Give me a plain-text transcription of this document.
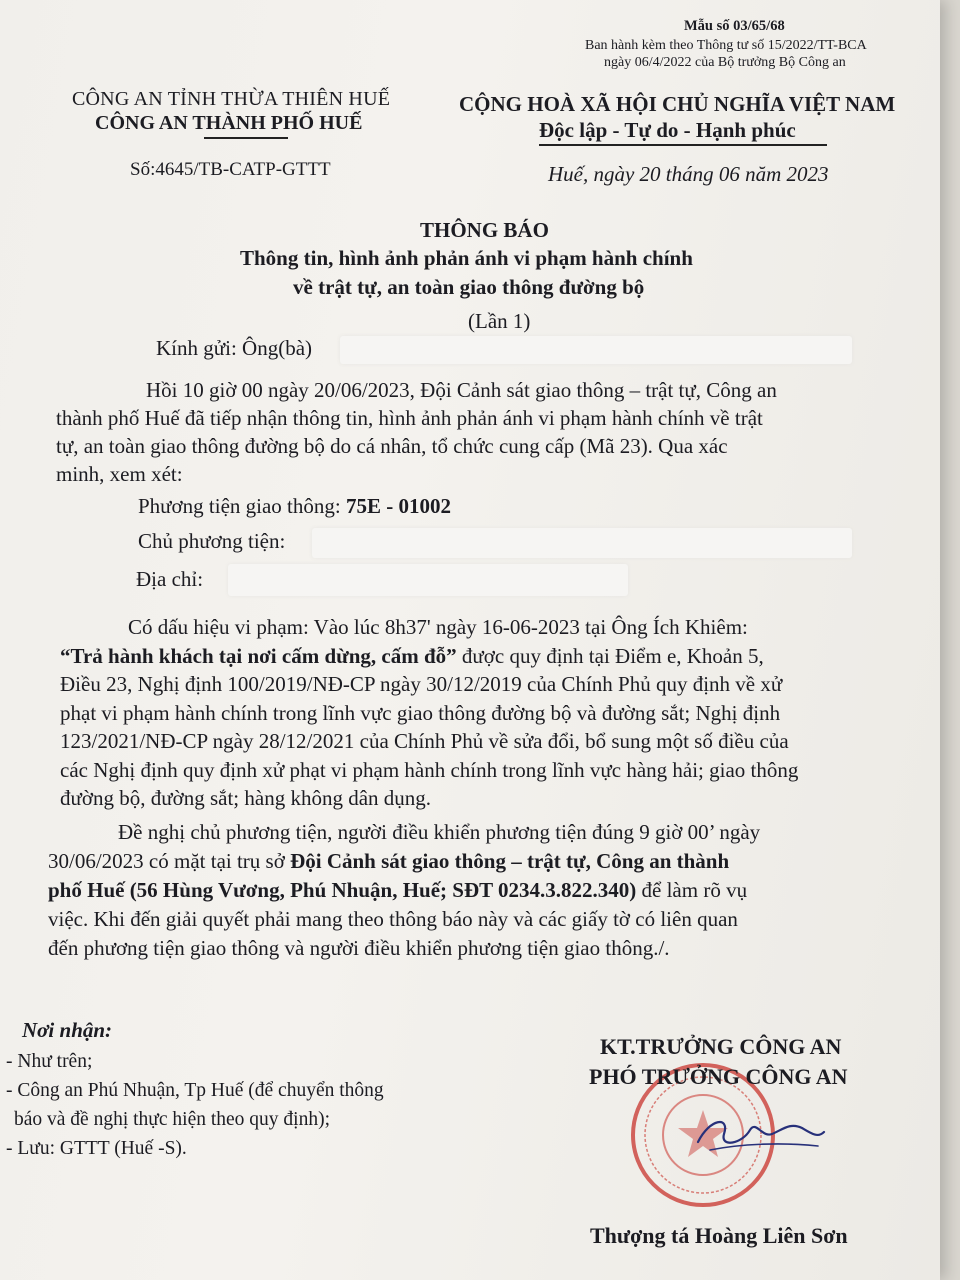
Mẫu số 03/65/68
Ban hành kèm theo Thông tư số 15/2022/TT-BCA
ngày 06/4/2022 của Bộ trưởng Bộ Công an
CÔNG AN TỈNH THỪA THIÊN HUẾ
CÔNG AN THÀNH PHỐ HUẾ
Số:4645/TB-CATP-GTTT
CỘNG HOÀ XÃ HỘI CHỦ NGHĨA VIỆT NAM
Độc lập - Tự do - Hạnh phúc
Huế, ngày 20 tháng 06 năm 2023
THÔNG BÁO
Thông tin, hình ảnh phản ánh vi phạm hành chính
về trật tự, an toàn giao thông đường bộ
(Lần 1)
Kính gửi: Ông(bà)
Hồi 10 giờ 00 ngày 20/06/2023, Đội Cảnh sát giao thông – trật tự, Công an
thành phố Huế đã tiếp nhận thông tin, hình ảnh phản ánh vi phạm hành chính về trật
tự, an toàn giao thông đường bộ do cá nhân, tổ chức cung cấp (Mã 23). Qua xác
minh, xem xét:
Phương tiện giao thông: 75E - 01002
Chủ phương tiện:
Địa chỉ:
Có dấu hiệu vi phạm: Vào lúc 8h37' ngày 16-06-2023 tại Ông Ích Khiêm:
“Trả hành khách tại nơi cấm dừng, cấm đỗ” được quy định tại Điểm e, Khoản 5,
Điều 23, Nghị định 100/2019/NĐ-CP ngày 30/12/2019 của Chính Phủ quy định về xử
phạt vi phạm hành chính trong lĩnh vực giao thông đường bộ và đường sắt; Nghị định
123/2021/NĐ-CP ngày 28/12/2021 của Chính Phủ về sửa đổi, bổ sung một số điều của
các Nghị định quy định xử phạt vi phạm hành chính trong lĩnh vực hàng hải; giao thông
đường bộ, đường sắt; hàng không dân dụng.
Đề nghị chủ phương tiện, người điều khiển phương tiện đúng 9 giờ 00’ ngày
30/06/2023 có mặt tại trụ sở Đội Cảnh sát giao thông – trật tự, Công an thành
phố Huế (56 Hùng Vương, Phú Nhuận, Huế; SĐT 0234.3.822.340) để làm rõ vụ
việc. Khi đến giải quyết phải mang theo thông báo này và các giấy tờ có liên quan
đến phương tiện giao thông và người điều khiển phương tiện giao thông./.
Nơi nhận:
- Như trên;
- Công an Phú Nhuận, Tp Huế (để chuyển thông
báo và đề nghị thực hiện theo quy định);
- Lưu: GTTT (Huế -S).
KT.TRƯỞNG CÔNG AN
PHÓ TRƯỞNG CÔNG AN
Thượng tá Hoàng Liên Sơn
